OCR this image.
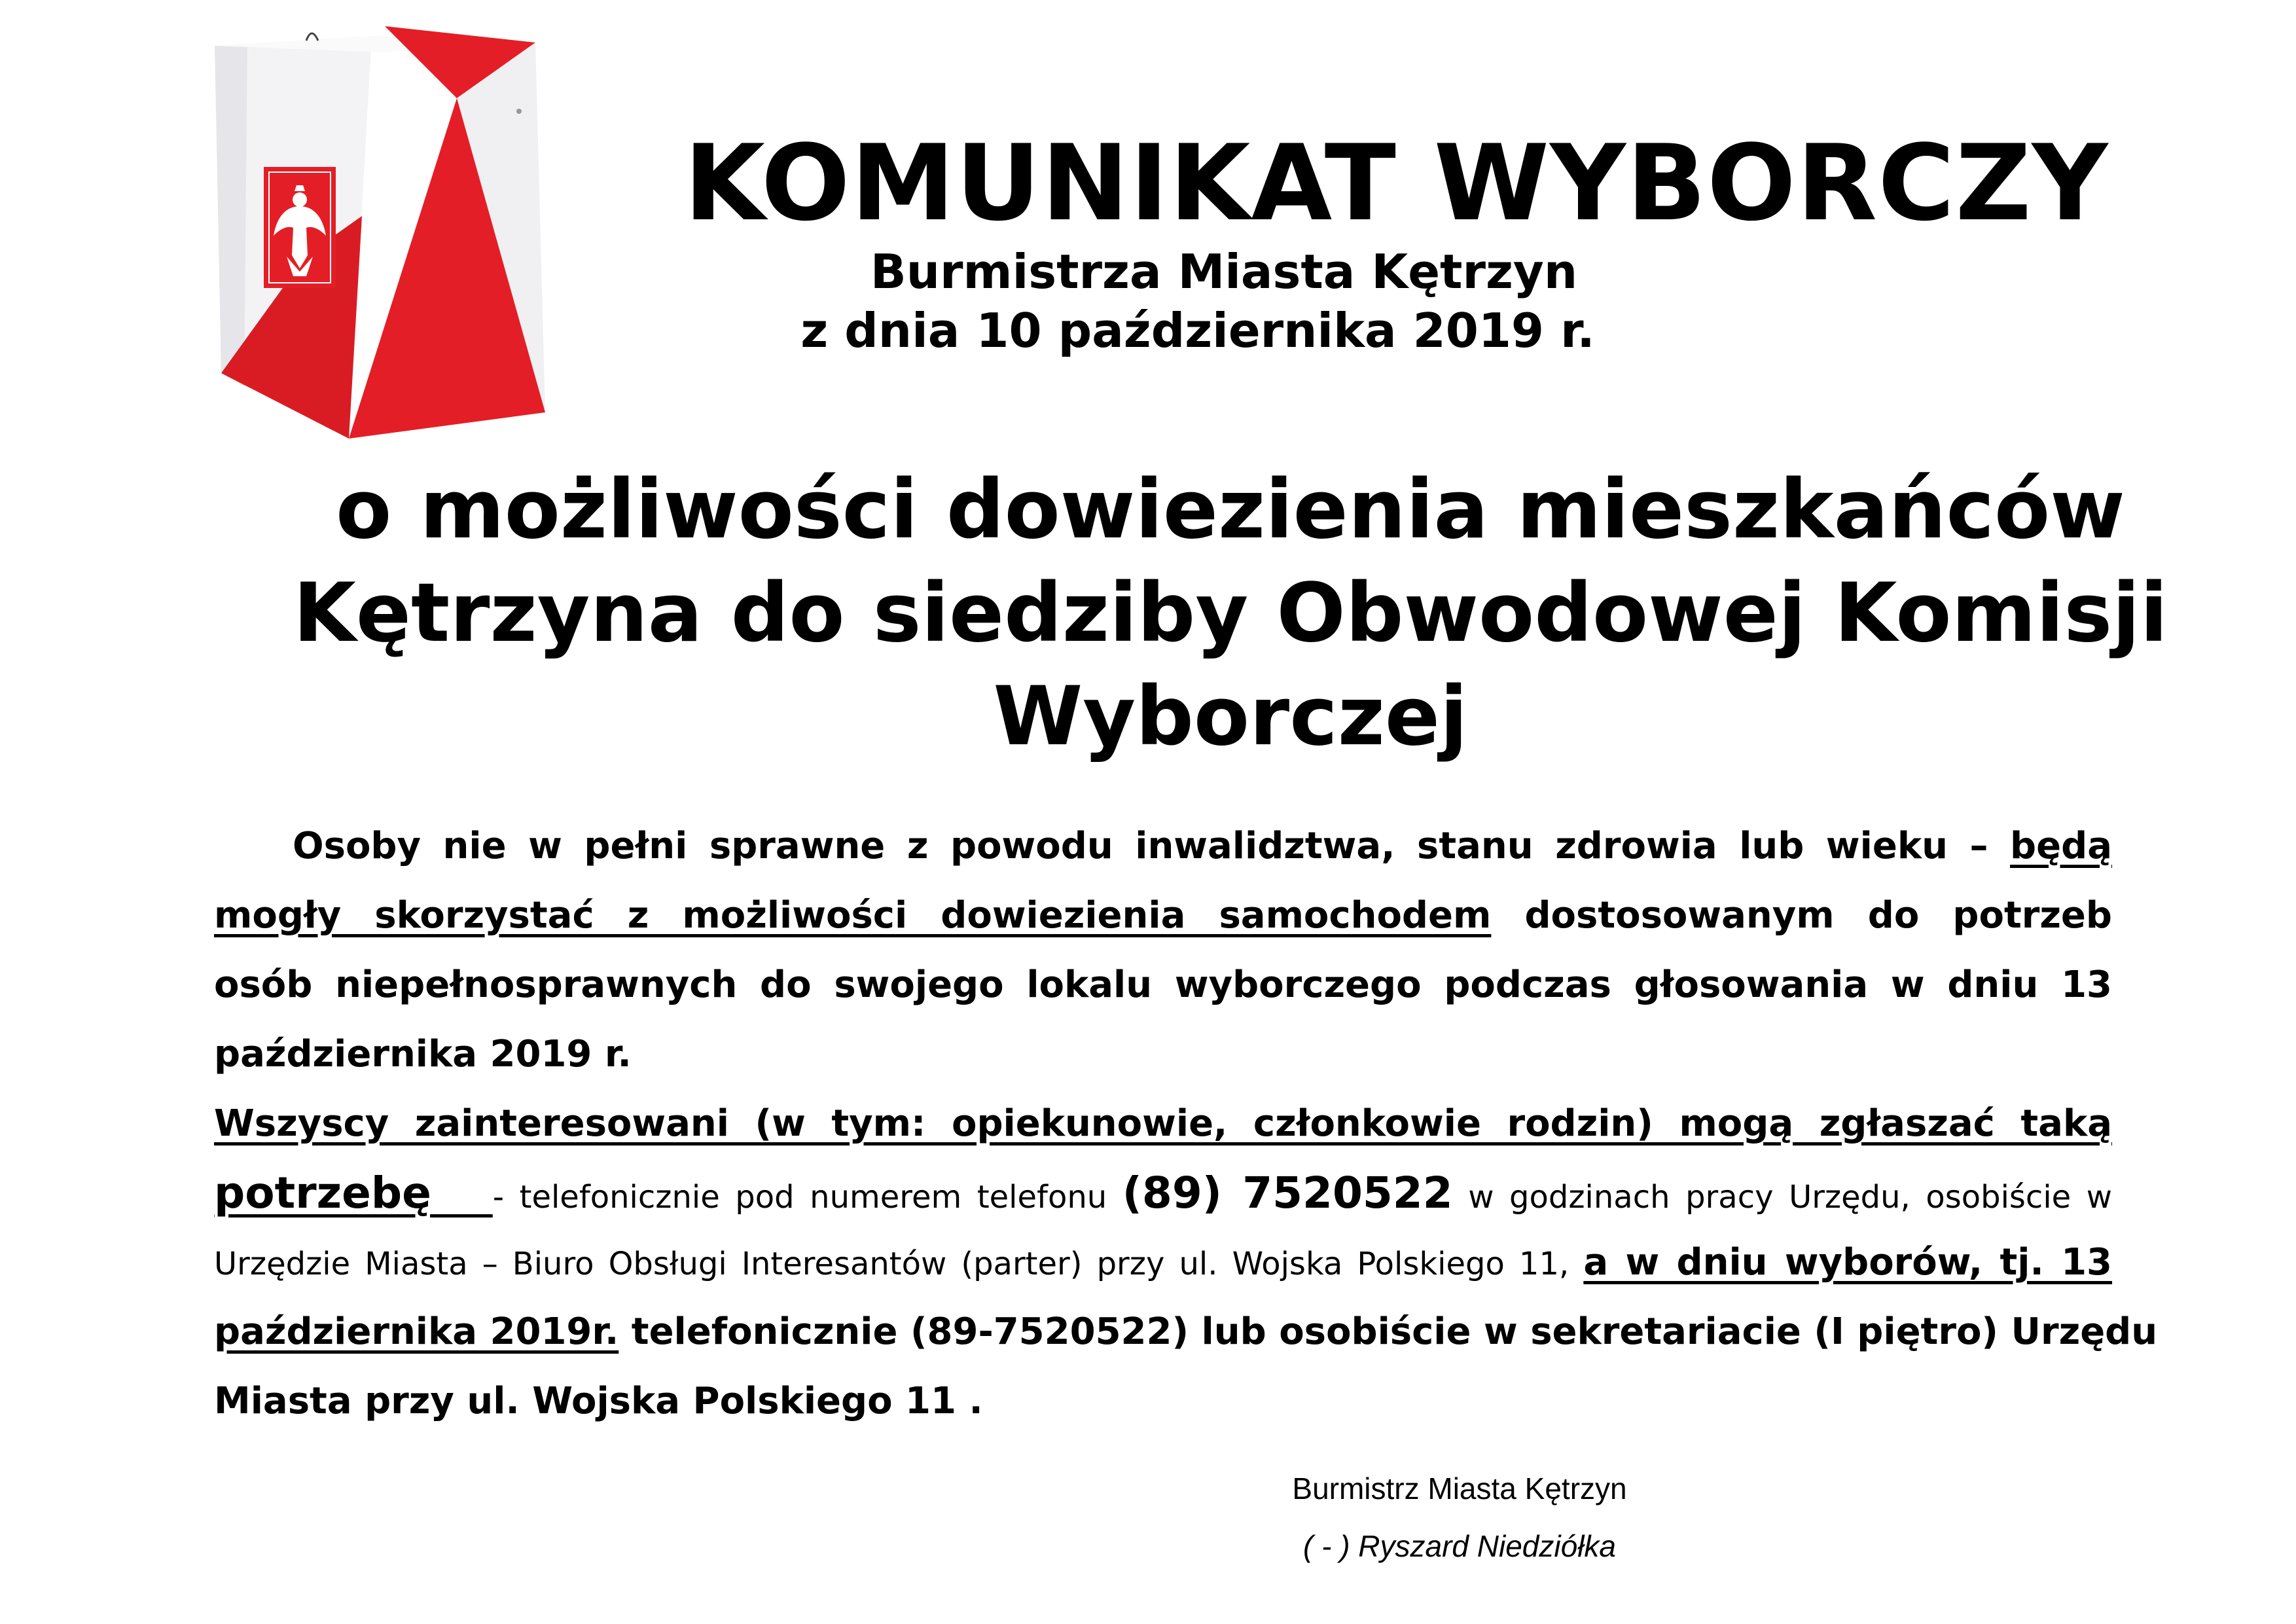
KOMUNIKAT WYBORCZY
Burmistrza Miasta Kętrzyn
z dnia 10 października 2019 r.
o możliwości dowiezienia mieszkańców
Kętrzyna do siedziby Obwodowej Komisji
Wyborczej
Osoby nie w pełni sprawne z powodu inwalidztwa, stanu zdrowia lub wieku – będą
mogły skorzystać z możliwości dowiezienia samochodem dostosowanym do potrzeb
osób niepełnosprawnych do swojego lokalu wyborczego podczas głosowania w dniu 13
października 2019 r.
Wszyscy zainteresowani (w tym: opiekunowie, członkowie rodzin) mogą zgłaszać taką
potrzebę - telefonicznie pod numerem telefonu (89) 7520522 w godzinach pracy Urzędu, osobiście w
Urzędzie Miasta – Biuro Obsługi Interesantów (parter) przy ul. Wojska Polskiego 11, a w dniu wyborów, tj. 13
października 2019r. telefonicznie (89-7520522) lub osobiście w sekretariacie (I piętro) Urzędu
Miasta przy ul. Wojska Polskiego 11 .
Burmistrz Miasta Kętrzyn
( - ) Ryszard Niedziółka
